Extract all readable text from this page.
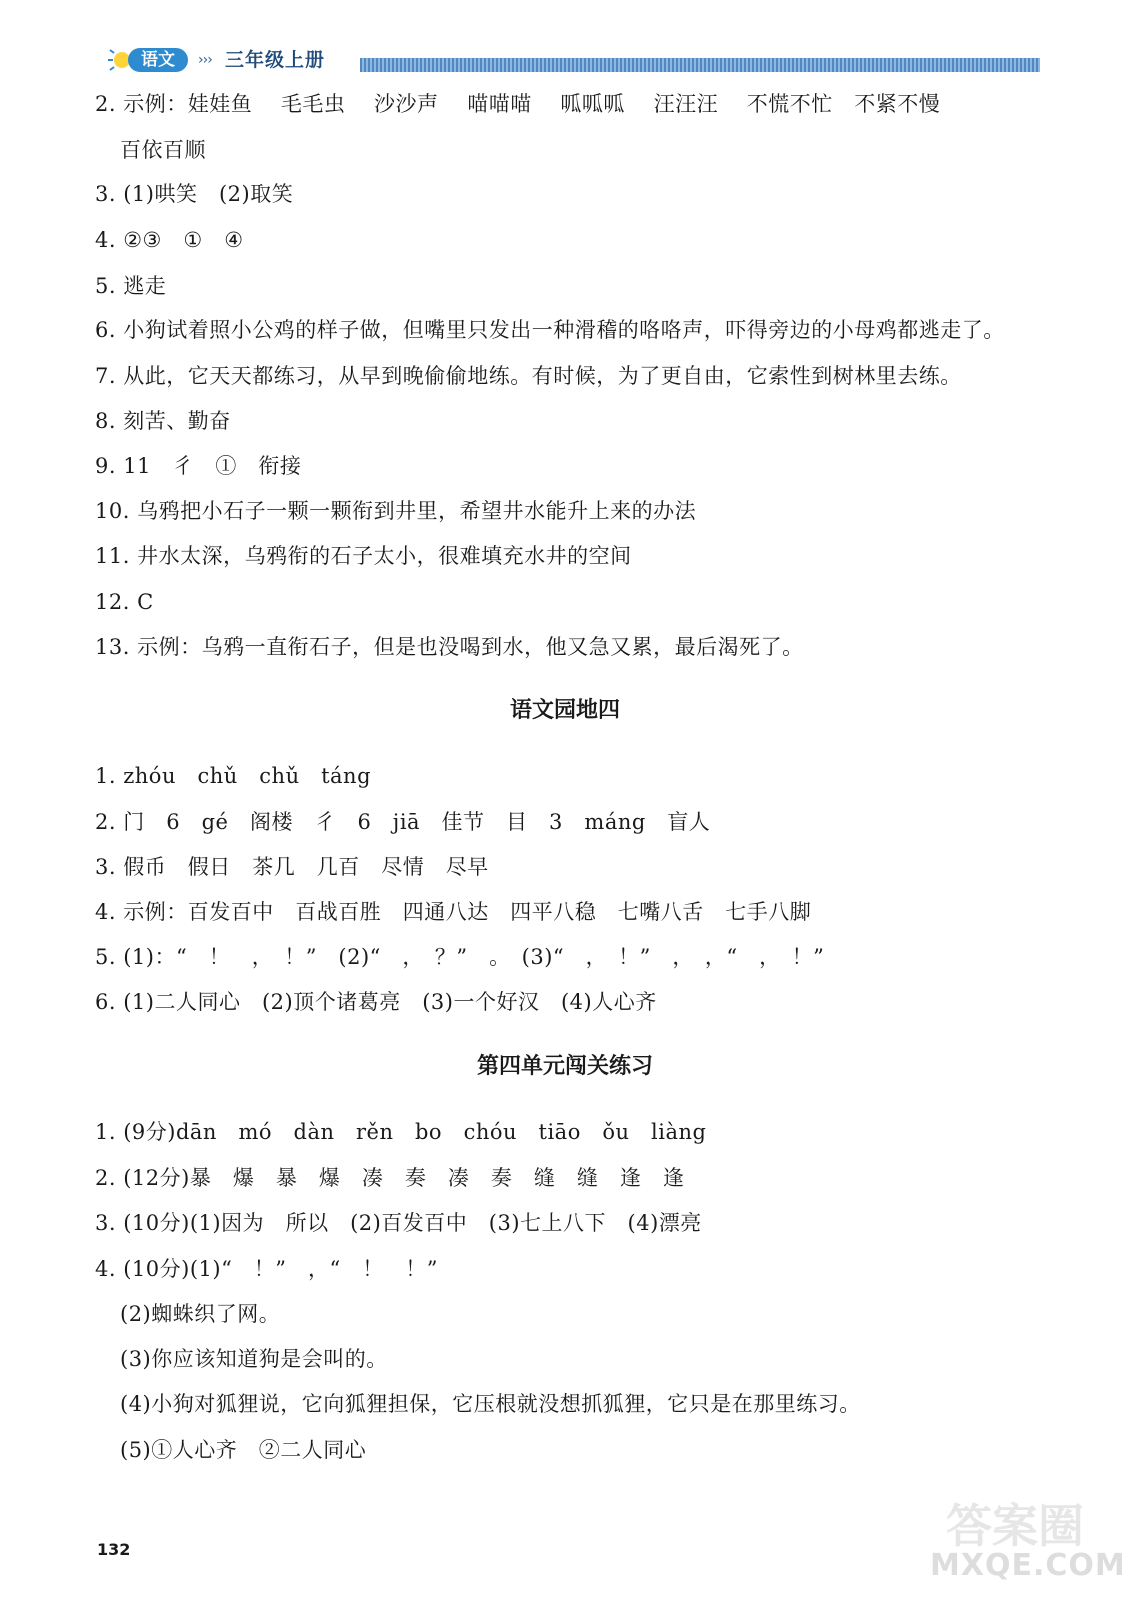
语文	››› 三年级上册
2. 示例：娃娃鱼　 毛毛虫　 沙沙声　 喵喵喵　 呱呱呱　 汪汪汪　 不慌不忙　不紧不慢
百依百顺
3. (1)哄笑　(2)取笑
4. ②③　①　④
5. 逃走
6. 小狗试着照小公鸡的样子做，但嘴里只发出一种滑稽的咯咯声，吓得旁边的小母鸡都逃走了。
7. 从此，它天天都练习，从早到晚偷偷地练。有时候，为了更自由，它索性到树林里去练。
8. 刻苦、勤奋
9. 11　彳　①　衔接
10. 乌鸦把小石子一颗一颗衔到井里，希望井水能升上来的办法
11. 井水太深，乌鸦衔的石子太小，很难填充水井的空间
12. C
13. 示例：乌鸦一直衔石子，但是也没喝到水，他又急又累，最后渴死了。
语文园地四
1. zhóu　chǔ　chǔ　táng
2. 门　6　gé　阁楼　彳　6　jiā　佳节　目　3　máng　盲人
3. 假币　假日　茶几　几百　尽情　尽早
4. 示例：百发百中　百战百胜　四通八达　四平八稳　七嘴八舌　七手八脚
5. (1)：“　！　，　！”　(2)“　，　？”　。　(3)“　，　！”　，　，“　，　！”
6. (1)二人同心　(2)顶个诸葛亮　(3)一个好汉　(4)人心齐
第四单元闯关练习
1. (9分)dān　mó　dàn　rěn　bo　chóu　tiāo　ǒu　liàng
2. (12分)暴　爆　暴　爆　凑　奏　凑　奏　缝　缝　逢　逢
3. (10分)(1)因为　所以　(2)百发百中　(3)七上八下　(4)漂亮
4. (10分)(1)“　！”　，“　！　！”
(2)蜘蛛织了网。
(3)你应该知道狗是会叫的。
(4)小狗对狐狸说，它向狐狸担保，它压根就没想抓狐狸，它只是在那里练习。
(5)①人心齐　②二人同心
132	答案圈
MXQE.COM
